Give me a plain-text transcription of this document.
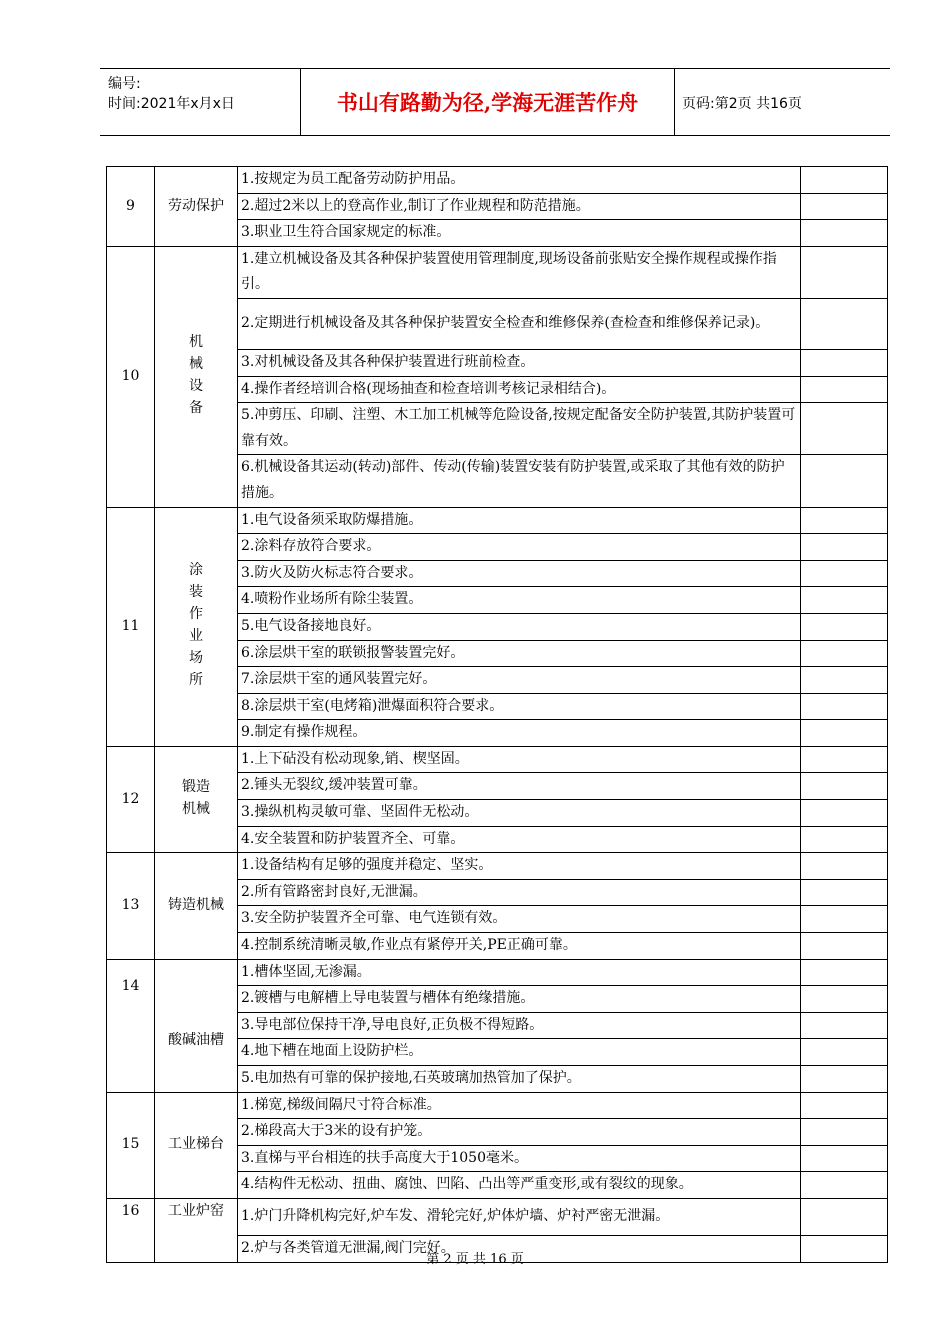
编号:
时间:2021年x月x日	书山有路勤为径,学海无涯苦作舟	页码:第2页 共16页
9	劳动保护	1.按规定为员工配备劳动防护用品。	
		2.超过2米以上的登高作业,制订了作业规程和防范措施。	
		3.职业卫生符合国家规定的标准。	
10	机械设备	1.建立机械设备及其各种保护装置使用管理制度,现场设备前张贴安全操作规程或操作指引。	
		2.定期进行机械设备及其各种保护装置安全检查和维修保养(查检查和维修保养记录)。	
		3.对机械设备及其各种保护装置进行班前检查。	
		4.操作者经培训合格(现场抽查和检查培训考核记录相结合)。	
		5.冲剪压、印刷、注塑、木工加工机械等危险设备,按规定配备安全防护装置,其防护装置可靠有效。	
		6.机械设备其运动(转动)部件、传动(传输)装置安装有防护装置,或采取了其他有效的防护措施。	
11	涂装作业场所	1.电气设备须采取防爆措施。	
		2.涂料存放符合要求。	
		3.防火及防火标志符合要求。	
		4.喷粉作业场所有除尘装置。	
		5.电气设备接地良好。	
		6.涂层烘干室的联锁报警装置完好。	
		7.涂层烘干室的通风装置完好。	
		8.涂层烘干室(电烤箱)泄爆面积符合要求。	
		9.制定有操作规程。	
12	锻造机械	1.上下砧没有松动现象,销、楔坚固。	
		2.锤头无裂纹,缓冲装置可靠。	
		3.操纵机构灵敏可靠、坚固件无松动。	
		4.安全装置和防护装置齐全、可靠。	
13	铸造机械	1.设备结构有足够的强度并稳定、坚实。	
		2.所有管路密封良好,无泄漏。	
		3.安全防护装置齐全可靠、电气连锁有效。	
		4.控制系统清晰灵敏,作业点有紧停开关,PE正确可靠。	
14	酸碱油槽	1.槽体坚固,无渗漏。	
		2.镀槽与电解槽上导电装置与槽体有绝缘措施。	
		3.导电部位保持干净,导电良好,正负极不得短路。	
		4.地下槽在地面上设防护栏。	
		5.电加热有可靠的保护接地,石英玻璃加热管加了保护。	
15	工业梯台	1.梯宽,梯级间隔尺寸符合标准。	
		2.梯段高大于3米的设有护笼。	
		3.直梯与平台相连的扶手高度大于1050毫米。	
		4.结构件无松动、扭曲、腐蚀、凹陷、凸出等严重变形,或有裂纹的现象。	
16	工业炉窑	1.炉门升降机构完好,炉车发、滑轮完好,炉体炉墙、炉衬严密无泄漏。	
		2.炉与各类管道无泄漏,阀门完好。	
第 2 页 共 16 页
